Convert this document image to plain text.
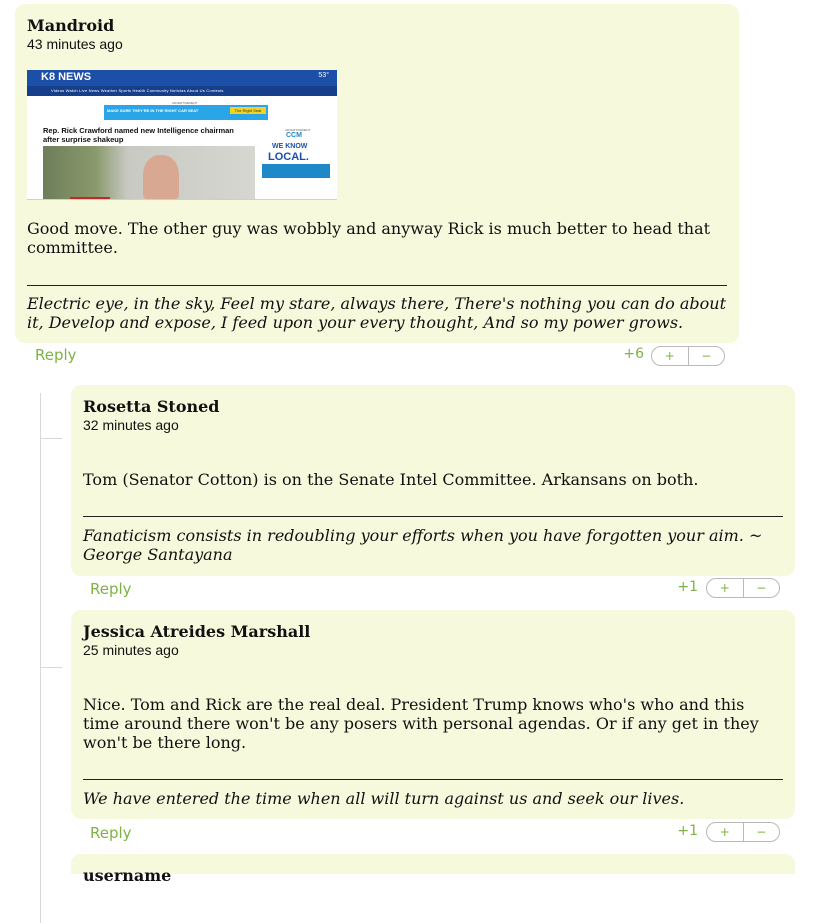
Mandroid
43 minutes ago
K8 NEWS	53°
Videos Watch Live News Weather Sports Health Community Noticias About Us Contests
ADVERTISEMENT
MAKE SURE THEY'RE IN THE RIGHT CAR SEAT	The Right Seat
Rep. Rick Crawford named new Intelligence chairman after surprise shakeup
ADVERTISEMENT
CCM
WE KNOW
LOCAL.
Good move. The other guy was wobbly and anyway Rick is much better to head that committee.
Electric eye, in the sky, Feel my stare, always there, There's nothing you can do about it, Develop and expose, I feed upon your every thought, And so my power grows.
Reply	+6	+	−
Rosetta Stoned
32 minutes ago
Tom (Senator Cotton) is on the Senate Intel Committee. Arkansans on both.
Fanaticism consists in redoubling your efforts when you have forgotten your aim. ~ George Santayana
Reply	+1	+	−
Jessica Atreides Marshall
25 minutes ago
Nice. Tom and Rick are the real deal. President Trump knows who's who and this time around there won't be any posers with personal agendas. Or if any get in they won't be there long.
We have entered the time when all will turn against us and seek our lives.
Reply	+1	+	−
username
